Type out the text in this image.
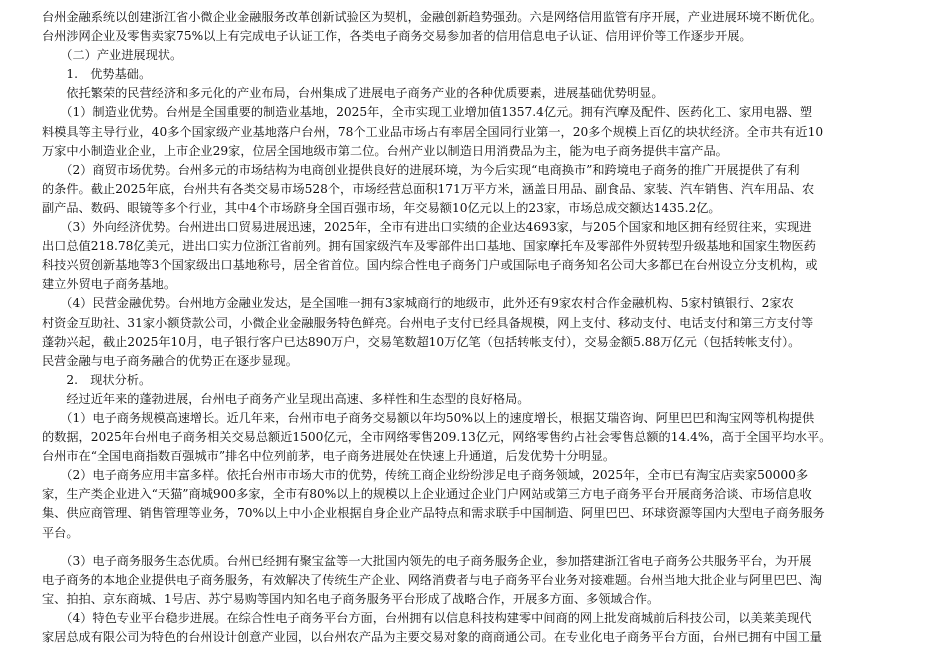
台州金融系统以创建浙江省小微企业金融服务改革创新试验区为契机，金融创新趋势强劲。六是网络信用监管有序开展，产业进展环境不断优化。
台州涉网企业及零售卖家75%以上有完成电子认证工作，各类电子商务交易参加者的信用信息电子认证、信用评价等工作逐步开展。
　　（二）产业进展现状。
　　1.　优势基础。
　　依托繁荣的民营经济和多元化的产业布局，台州集成了进展电子商务产业的各种优质要素，进展基础优势明显。
　　（1）制造业优势。台州是全国重要的制造业基地，2025年，全市实现工业增加值1357.4亿元。拥有汽摩及配件、医药化工、家用电器、塑
料模具等主导行业，40多个国家级产业基地落户台州，78个工业品市场占有率居全国同行业第一，20多个规模上百亿的块状经济。全市共有近10
万家中小制造业企业，上市企业29家，位居全国地级市第二位。台州产业以制造日用消费品为主，能为电子商务提供丰富产品。
　　（2）商贸市场优势。台州多元的市场结构为电商创业提供良好的进展环境，为今后实现“电商换市”和跨境电子商务的推广开展提供了有利
的条件。截止2025年底，台州共有各类交易市场528个，市场经营总面积171万平方米，涵盖日用品、副食品、家装、汽车销售、汽车用品、农
副产品、数码、眼镜等多个行业，其中4个市场跻身全国百强市场，年交易额10亿元以上的23家，市场总成交额达1435.2亿。
　　（3）外向经济优势。台州进出口贸易进展迅速，2025年，全市有进出口实绩的企业达4693家，与205个国家和地区拥有经贸往来，实现进
出口总值218.78亿美元，进出口实力位浙江省前列。拥有国家级汽车及零部件出口基地、国家摩托车及零部件外贸转型升级基地和国家生物医药
科技兴贸创新基地等3个国家级出口基地称号，居全省首位。国内综合性电子商务门户或国际电子商务知名公司大多都已在台州设立分支机构，或
建立外贸电子商务基地。
　　（4）民营金融优势。台州地方金融业发达，是全国唯一拥有3家城商行的地级市，此外还有9家农村合作金融机构、5家村镇银行、2家农
村资金互助社、31家小额贷款公司，小微企业金融服务特色鲜亮。台州电子支付已经具备规模，网上支付、移动支付、电话支付和第三方支付等
蓬勃兴起，截止2025年10月，电子银行客户已达890万户，交易笔数超10万亿笔（包括转帐支付），交易金额5.88万亿元（包括转帐支付）。
民营金融与电子商务融合的优势正在逐步显现。
　　2.　现状分析。
　　经过近年来的蓬勃进展，台州电子商务产业呈现出高速、多样性和生态型的良好格局。
　　（1）电子商务规模高速增长。近几年来，台州市电子商务交易额以年均50%以上的速度增长，根据艾瑞咨询、阿里巴巴和淘宝网等机构提供
的数据，2025年台州电子商务相关交易总额近1500亿元，全市网络零售209.13亿元，网络零售约占社会零售总额的14.4%，高于全国平均水平。
台州市在“全国电商指数百强城市”排名中位列前茅，电子商务进展处在快速上升通道，后发优势十分明显。
　　（2）电子商务应用丰富多样。依托台州市市场大市的优势，传统工商企业纷纷涉足电子商务领域，2025年，全市已有淘宝店卖家50000多
家，生产类企业进入“天猫”商城900多家，全市有80%以上的规模以上企业通过企业门户网站或第三方电子商务平台开展商务洽谈、市场信息收
集、供应商管理、销售管理等业务，70%以上中小企业根据自身企业产品特点和需求联手中国制造、阿里巴巴、环球资源等国内大型电子商务服务
平台。
　　（3）电子商务服务生态优质。台州已经拥有聚宝盆等一大批国内领先的电子商务服务企业，参加搭建浙江省电子商务公共服务平台，为开展
电子商务的本地企业提供电子商务服务，有效解决了传统生产企业、网络消费者与电子商务平台业务对接难题。台州当地大批企业与阿里巴巴、淘
宝、拍拍、京东商城、1号店、苏宁易购等国内知名电子商务服务平台形成了战略合作，开展多方面、多领域合作。
　　（4）特色专业平台稳步进展。在综合性电子商务平台方面，台州拥有以信息科技构建零中间商的网上批发商城前后科技公司，以美莱美现代
家居总成有限公司为特色的台州设计创意产业园，以台州农产品为主要交易对象的商商通公司。在专业化电子商务平台方面，台州已拥有中国工量
